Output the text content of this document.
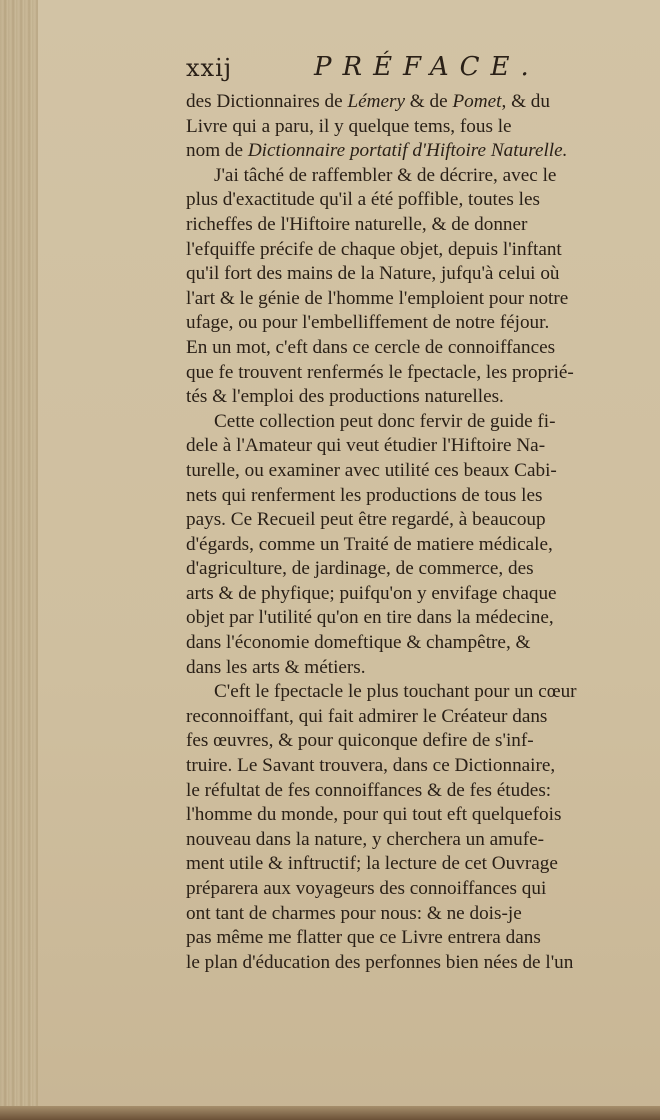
xxij	PRÉFACE.
des Dictionnaires de Lémery & de Pomet, & du
Livre qui a paru, il y quelque tems, fous le
nom de Dictionnaire portatif d'Hiftoire Naturelle.
J'ai tâché de raffembler & de décrire, avec le
plus d'exactitude qu'il a été poffible, toutes les
richeffes de l'Hiftoire naturelle, & de donner
l'efquiffe précife de chaque objet, depuis l'inftant
qu'il fort des mains de la Nature, jufqu'à celui où
l'art & le génie de l'homme l'emploient pour notre
ufage, ou pour l'embelliffement de notre féjour.
En un mot, c'eft dans ce cercle de connoiffances
que fe trouvent renfermés le fpectacle, les proprié-
tés & l'emploi des productions naturelles.
Cette collection peut donc fervir de guide fi-
dele à l'Amateur qui veut étudier l'Hiftoire Na-
turelle, ou examiner avec utilité ces beaux Cabi-
nets qui renferment les productions de tous les
pays. Ce Recueil peut être regardé, à beaucoup
d'égards, comme un Traité de matiere médicale,
d'agriculture, de jardinage, de commerce, des
arts & de phyfique; puifqu'on y envifage chaque
objet par l'utilité qu'on en tire dans la médecine,
dans l'économie domeftique & champêtre, &
dans les arts & métiers.
C'eft le fpectacle le plus touchant pour un cœur
reconnoiffant, qui fait admirer le Créateur dans
fes œuvres, & pour quiconque defire de s'inf-
truire. Le Savant trouvera, dans ce Dictionnaire,
le réfultat de fes connoiffances & de fes études:
l'homme du monde, pour qui tout eft quelquefois
nouveau dans la nature, y cherchera un amufe-
ment utile & inftructif; la lecture de cet Ouvrage
préparera aux voyageurs des connoiffances qui
ont tant de charmes pour nous: & ne dois-je
pas même me flatter que ce Livre entrera dans
le plan d'éducation des perfonnes bien nées de l'un
